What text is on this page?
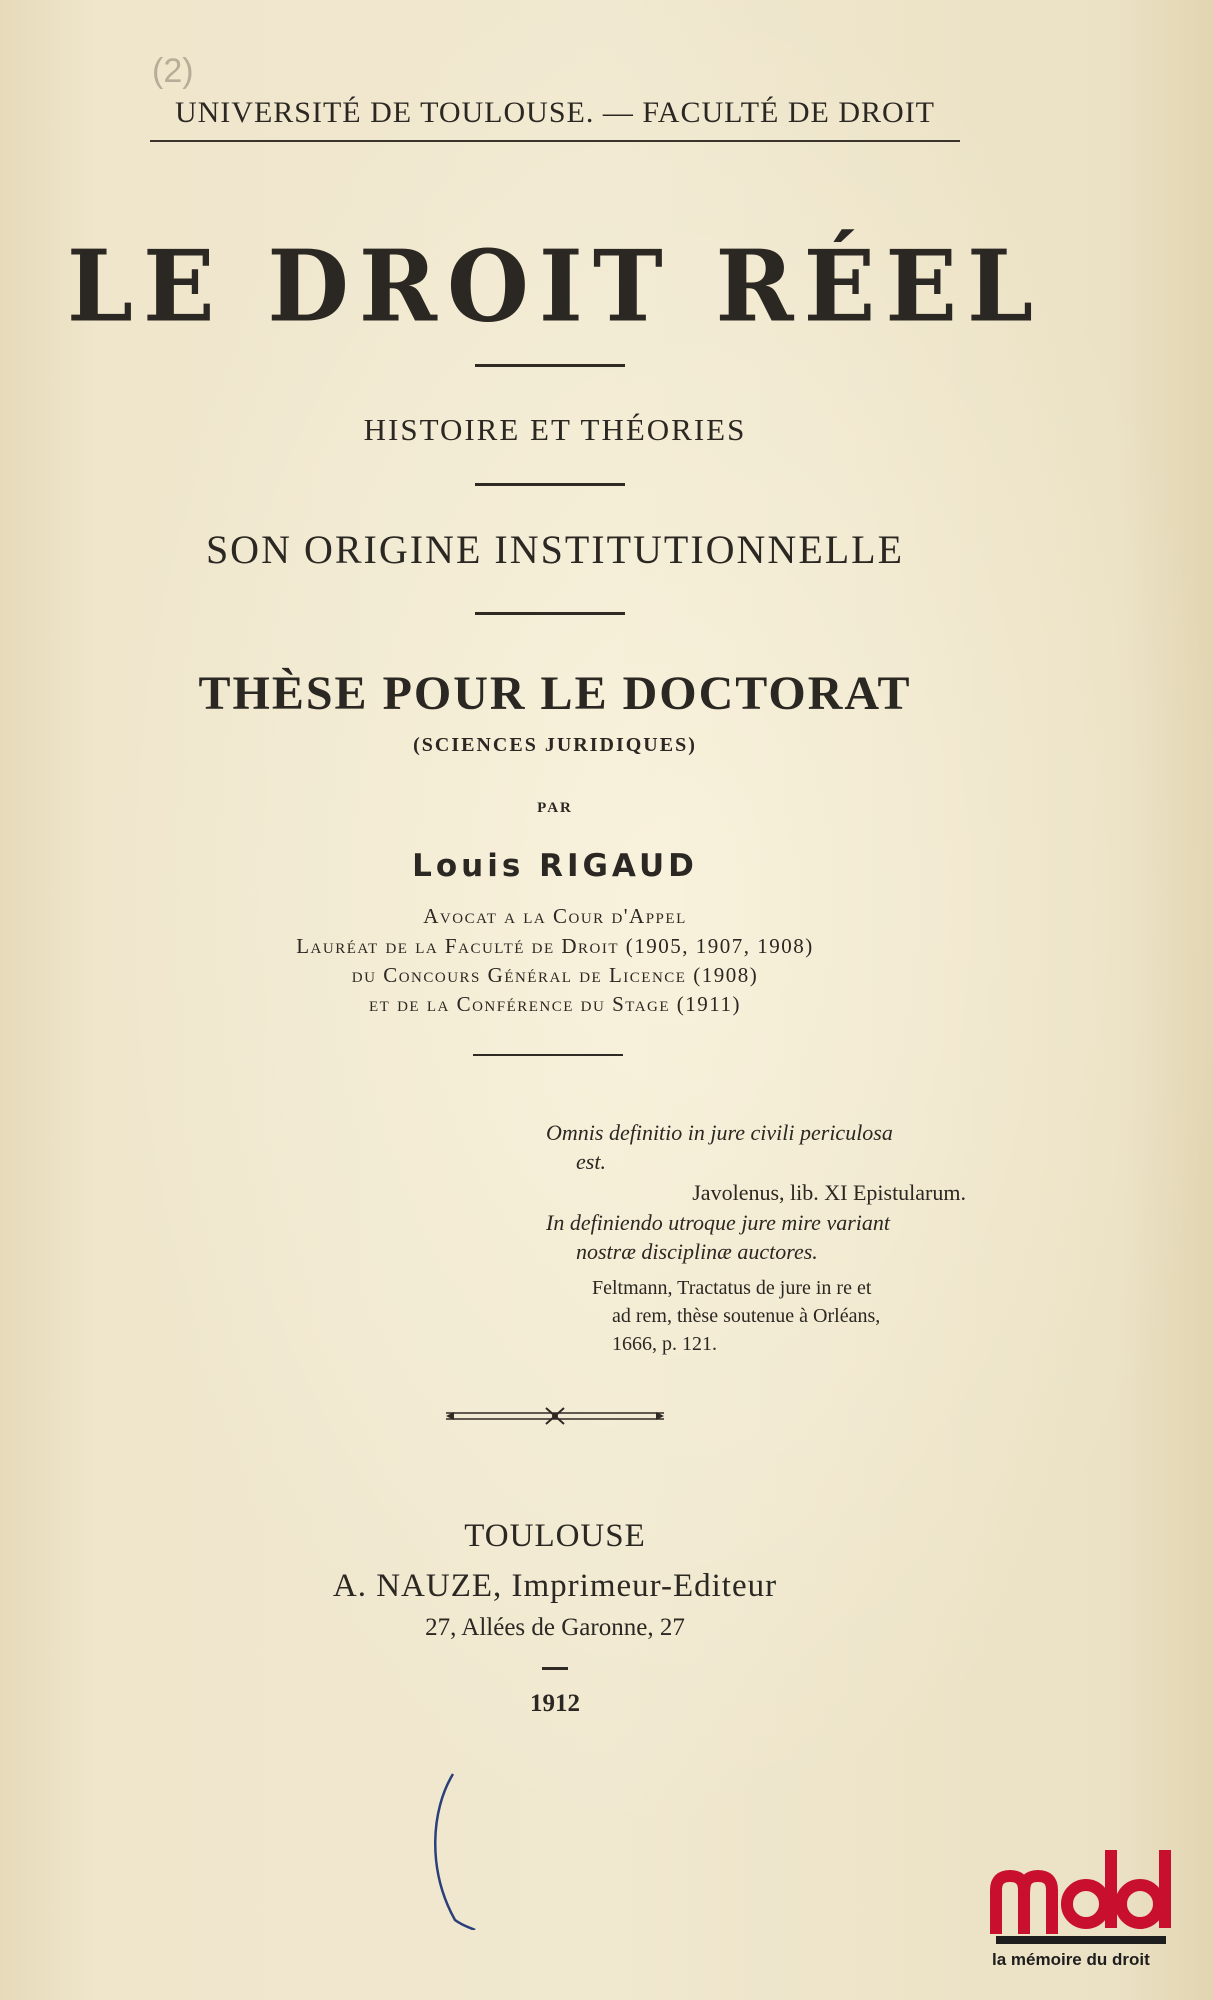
(2)
UNIVERSITÉ DE TOULOUSE. — FACULTÉ DE DROIT
LE DROIT RÉEL
HISTOIRE ET THÉORIES
SON ORIGINE INSTITUTIONNELLE
THÈSE POUR LE DOCTORAT
(SCIENCES JURIDIQUES)
PAR
Louis RIGAUD
Avocat a la Cour d'Appel
Lauréat de la Faculté de Droit (1905, 1907, 1908)
du Concours Général de Licence (1908)
et de la Conférence du Stage (1911)
Omnis definitio in jure civili periculosa
est.
Javolenus, lib. XI Epistularum.
In definiendo utroque jure mire variant
nostræ disciplinæ auctores.
Feltmann, Tractatus de jure in re et
ad rem, thèse soutenue à Orléans,
1666, p. 121.
TOULOUSE
A. NAUZE, Imprimeur-Editeur
27, Allées de Garonne, 27
1912
la mémoire du droit
